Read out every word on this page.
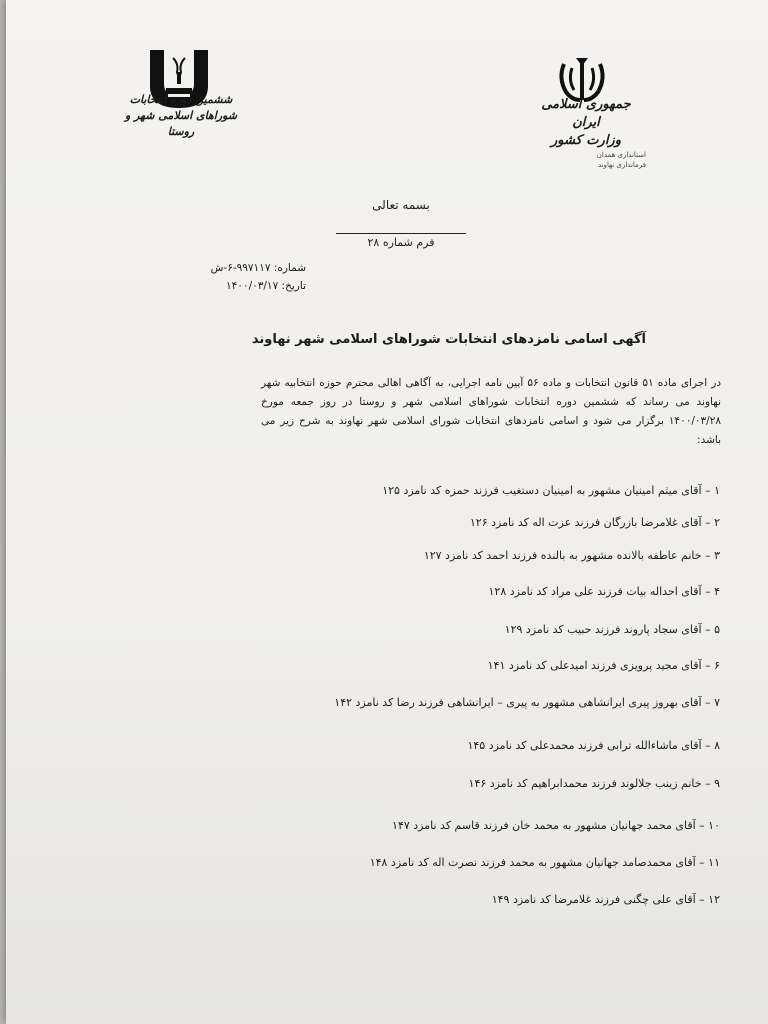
ششمین دوره انتخابات
شوراهای اسلامی شهر و روستا
جمهوری اسلامی ایران
وزارت کشور
استانداری همدان
فرمانداری نهاوند
بسمه تعالی
فرم شماره ۲۸
شماره: ۹۹۷۱۱۷-۶-ش
تاریخ: ۱۴۰۰/۰۳/۱۷
آگهی اسامی نامزدهای انتخابات شوراهای اسلامی شهر نهاوند
در اجرای ماده ۵۱ قانون انتخابات و ماده ۵۶ آیین نامه اجرایی، به آگاهی اهالی محترم حوزه انتخابیه شهر نهاوند می رساند که ششمین دوره انتخابات شوراهای اسلامی شهر و روستا در روز جمعه مورخ ۱۴۰۰/۰۳/۲۸ برگزار می شود و اسامی نامزدهای انتخابات شورای اسلامی شهر نهاوند به شرح زیر می باشد:
۱ – آقای میثم امینیان مشهور به امینیان دستغیب فرزند حمزه کد نامزد ۱۲۵
۲ – آقای غلامرضا بازرگان فرزند عزت اله کد نامزد ۱۲۶
۳ – خانم عاطفه بالانده مشهور به بالنده فرزند احمد کد نامزد ۱۲۷
۴ – آقای احداله بیات فرزند علی مراد کد نامزد ۱۲۸
۵ – آقای سجاد پاروند فرزند حبیب کد نامزد ۱۲۹
۶ – آقای مجید پرویزی فرزند امیدعلی کد نامزد ۱۴۱
۷ – آقای بهروز پیری ایرانشاهی مشهور به پیری – ایرانشاهی فرزند رضا کد نامزد ۱۴۲
۸ – آقای ماشاءالله ترابی فرزند محمدعلی کد نامزد ۱۴۵
۹ – خانم زینب جلالوند فرزند محمدابراهیم کد نامزد ۱۴۶
۱۰ – آقای محمد جهانیان مشهور به محمد خان فرزند قاسم کد نامزد ۱۴۷
۱۱ – آقای محمدصامد جهانیان مشهور به محمد فرزند نصرت اله کد نامزد ۱۴۸
۱۲ – آقای علی چگنی فرزند غلامرضا کد نامزد ۱۴۹
